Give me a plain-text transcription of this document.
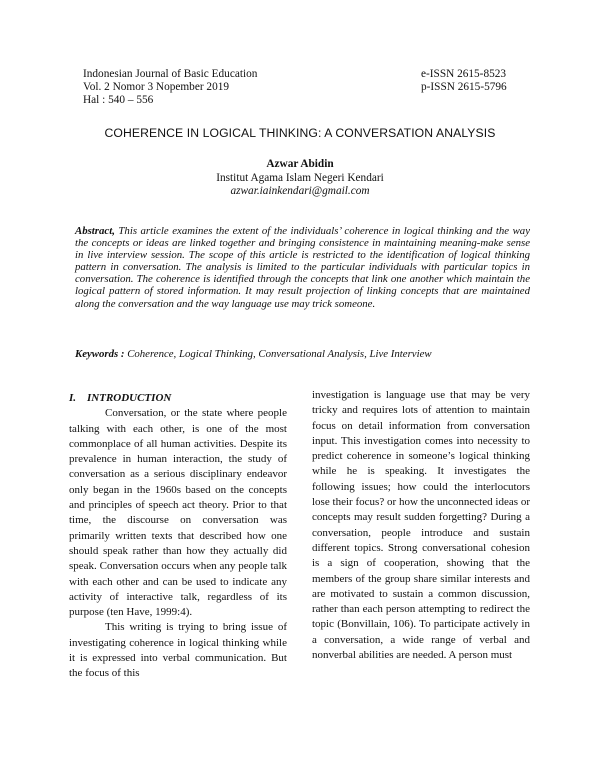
Indonesian Journal of Basic Education
Vol. 2 Nomor 3 Nopember 2019
Hal : 540 – 556
e-ISSN 2615-8523
p-ISSN 2615-5796
COHERENCE IN LOGICAL THINKING: A CONVERSATION ANALYSIS
Azwar Abidin
Institut Agama Islam Negeri Kendari
azwar.iainkendari@gmail.com
Abstract, This article examines the extent of the individuals’ coherence in logical thinking and the way the concepts or ideas are linked together and bringing consistence in maintaining meaning-make sense in live interview session. The scope of this article is restricted to the identification of logical thinking pattern in conversation. The analysis is limited to the particular individuals with particular topics in conversation. The coherence is identified through the concepts that link one another which maintain the logical pattern of stored information. It may result projection of linking concepts that are maintained along the conversation and the way language use may trick someone.
Keywords : Coherence, Logical Thinking, Conversational Analysis, Live Interview
I. INTRODUCTION

Conversation, or the state where people talking with each other, is one of the most commonplace of all human activities. Despite its prevalence in human interaction, the study of conversation as a serious disciplinary endeavor only began in the 1960s based on the concepts and principles of speech act theory. Prior to that time, the discourse on conversation was primarily written texts that described how one should speak rather than how they actually did speak. Conversation occurs when any people talk with each other and can be used to indicate any activity of interactive talk, regardless of its purpose (ten Have, 1999:4).

This writing is trying to bring issue of investigating coherence in logical thinking while it is expressed into verbal communication. But the focus of this

investigation is language use that may be very tricky and requires lots of attention to maintain focus on detail information from conversation input. This investigation comes into necessity to predict coherence in someone’s logical thinking while he is speaking. It investigates the following issues; how could the interlocutors lose their focus? or how the unconnected ideas or concepts may result sudden forgetting? During a conversation, people introduce and sustain different topics. Strong conversational cohesion is a sign of cooperation, showing that the members of the group share similar interests and are motivated to sustain a common discussion, rather than each person attempting to redirect the topic (Bonvillain, 106). To participate actively in a conversation, a wide range of verbal and nonverbal abilities are needed. A person must
